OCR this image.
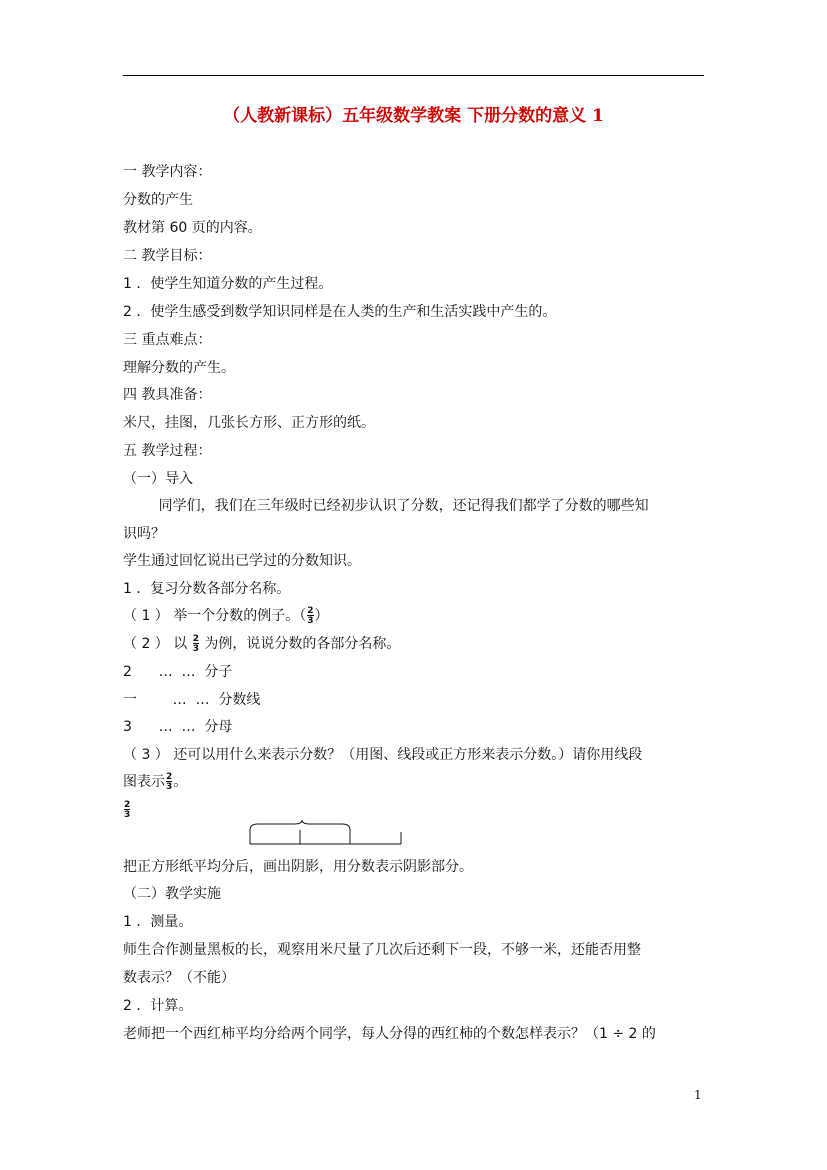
（人教新课标）五年级数学教案 下册分数的意义 1
一 教学内容：
分数的产生
教材第 60 页的内容。
二 教学目标：
1 ．使学生知道分数的产生过程。
2 ．使学生感受到数学知识同样是在人类的生产和生活实践中产生的。
三 重点难点：
理解分数的产生。
四 教具准备：
米尺，挂图，几张长方形、正方形的纸。
五 教学过程：
（一）导入
同学们，我们在三年级时已经初步认识了分数，还记得我们都学了分数的哪些知
识吗？
学生通过回忆说出已学过的分数知识。
1 ．复习分数各部分名称。
（ 1 ） 举一个分数的例子。（ $\frac{2}{3}$ ）
（ 2 ） 以 $\frac{2}{3}$ 为例，说说分数的各部分名称。
2      …  …  分子
一        …  …  分数线
3      …  …  分母
（ 3 ） 还可以用什么来表示分数？（用图、线段或正方形来表示分数。）请你用线段
图表示 $\frac{2}{3}$ 。
$\frac{2}{3}$
把正方形纸平均分后，画出阴影，用分数表示阴影部分。
（二）教学实施
1 ．测量。
师生合作测量黑板的长，观察用米尺量了几次后还剩下一段，不够一米，还能否用整
数表示？（不能）
2 ．计算。
老师把一个西红柿平均分给两个同学，每人分得的西红柿的个数怎样表示？（1 ÷ 2 的
1
